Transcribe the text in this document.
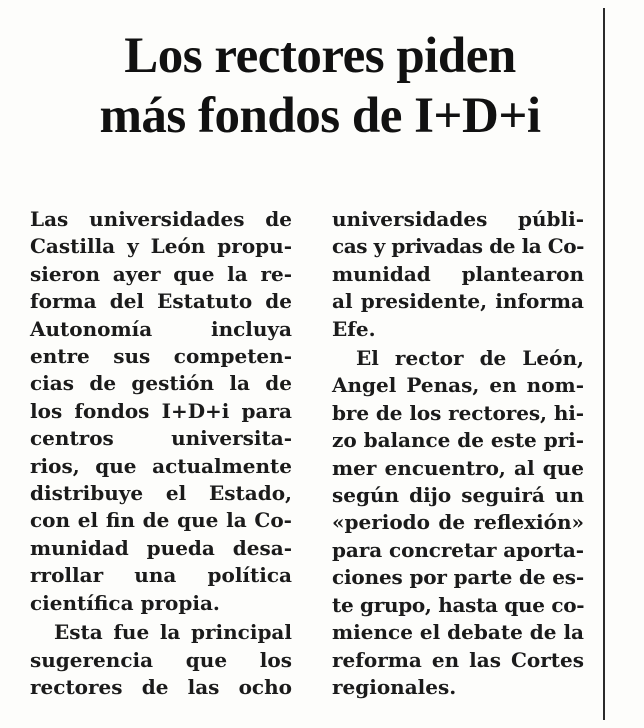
Los rectores piden
más fondos de I+D+i
Las universidades de
Castilla y León propu-
sieron ayer que la re-
forma del Estatuto de
Autonomía incluya
entre sus competen-
cias de gestión la de
los fondos I+D+i para
centros universita-
rios, que actualmente
distribuye el Estado,
con el fin de que la Co-
munidad pueda desa-
rrollar una política
científica propia.
Esta fue la principal
sugerencia que los
rectores de las ocho
universidades públi-
cas y privadas de la Co-
munidad plantearon
al presidente, informa
Efe.
El rector de León,
Angel Penas, en nom-
bre de los rectores, hi-
zo balance de este pri-
mer encuentro, al que
según dijo seguirá un
«periodo de reflexión»
para concretar aporta-
ciones por parte de es-
te grupo, hasta que co-
mience el debate de la
reforma en las Cortes
regionales.
